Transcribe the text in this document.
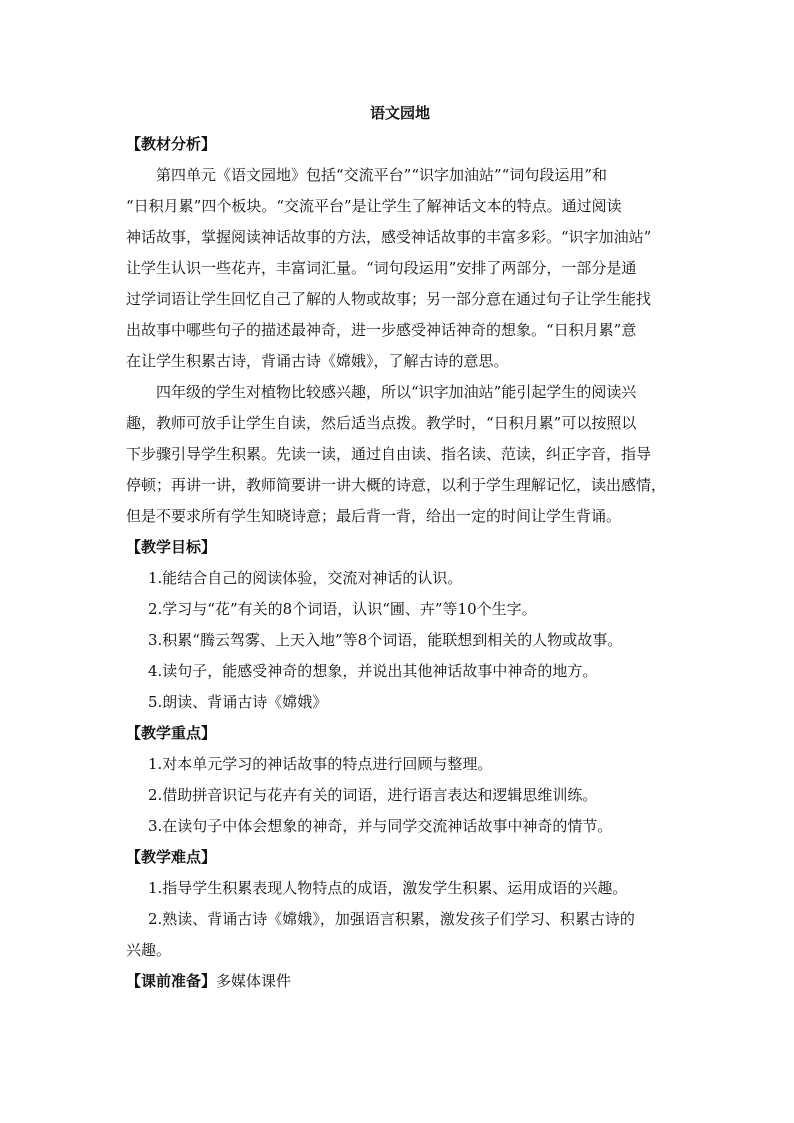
语文园地
【教材分析】

第四单元《语文园地》包括“交流平台”“识字加油站”“词句段运用”和
“日积月累”四个板块。“交流平台”是让学生了解神话文本的特点。通过阅读
神话故事，掌握阅读神话故事的方法，感受神话故事的丰富多彩。“识字加油站”
让学生认识一些花卉，丰富词汇量。“词句段运用”安排了两部分，一部分是通
过学词语让学生回忆自己了解的人物或故事；另一部分意在通过句子让学生能找
出故事中哪些句子的描述最神奇，进一步感受神话神奇的想象。“日积月累”意
在让学生积累古诗，背诵古诗《嫦娥》，了解古诗的意思。

四年级的学生对植物比较感兴趣，所以“识字加油站”能引起学生的阅读兴
趣，教师可放手让学生自读，然后适当点拨。教学时，“日积月累”可以按照以
下步骤引导学生积累。先读一读，通过自由读、指名读、范读，纠正字音，指导
停顿；再讲一讲，教师简要讲一讲大概的诗意，以利于学生理解记忆，读出感情，
但是不要求所有学生知晓诗意；最后背一背，给出一定的时间让学生背诵。

【教学目标】

1.能结合自己的阅读体验，交流对神话的认识。

2.学习与“花”有关的8个词语，认识“圃、卉”等10个生字。

3.积累“腾云驾雾、上天入地”等8个词语，能联想到相关的人物或故事。

4.读句子，能感受神奇的想象，并说出其他神话故事中神奇的地方。

5.朗读、背诵古诗《嫦娥》

【教学重点】

1.对本单元学习的神话故事的特点进行回顾与整理。

2.借助拼音识记与花卉有关的词语，进行语言表达和逻辑思维训练。

3.在读句子中体会想象的神奇，并与同学交流神话故事中神奇的情节。

【教学难点】

1.指导学生积累表现人物特点的成语，激发学生积累、运用成语的兴趣。

2.熟读、背诵古诗《嫦娥》，加强语言积累，激发孩子们学习、积累古诗的
兴趣。

【课前准备】多媒体课件
